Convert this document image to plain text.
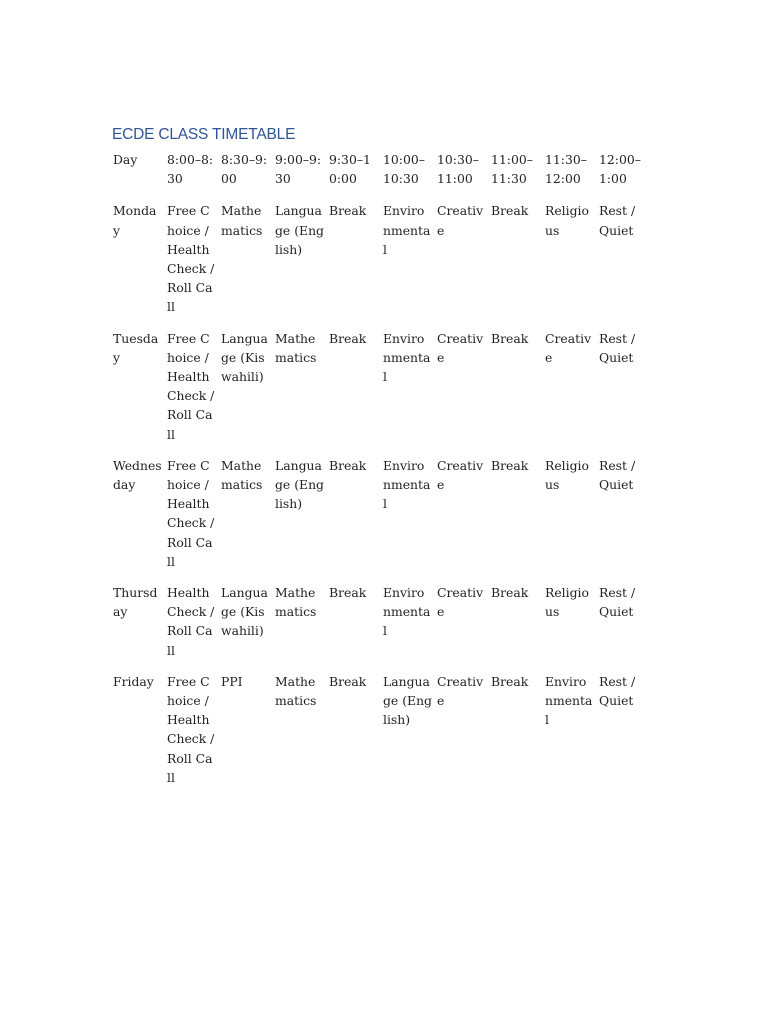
ECDE CLASS TIMETABLE
Day	8:00–8:30	8:30–9:00	9:00–9:30	9:30–10:00	10:00–10:30	10:30–11:00	11:00–11:30	11:30–12:00	12:00–1:00
Monday	Free Choice / Health Check / Roll Call	Mathematics	Language (English)	Break	Environmental	Creative	Break	Religious	Rest / Quiet
Tuesday	Free Choice / Health Check / Roll Call	Language (Kiswahili)	Mathematics	Break	Environmental	Creative	Break	Creative	Rest / Quiet
Wednesday	Free Choice / Health Check / Roll Call	Mathematics	Language (English)	Break	Environmental	Creative	Break	Religious	Rest / Quiet
Thursday	Health Check / Roll Call	Language (Kiswahili)	Mathematics	Break	Environmental	Creative	Break	Religious	Rest / Quiet
Friday	Free Choice / Health Check / Roll Call	PPI	Mathematics	Break	Language (English)	Creative	Break	Environmental	Rest / Quiet
